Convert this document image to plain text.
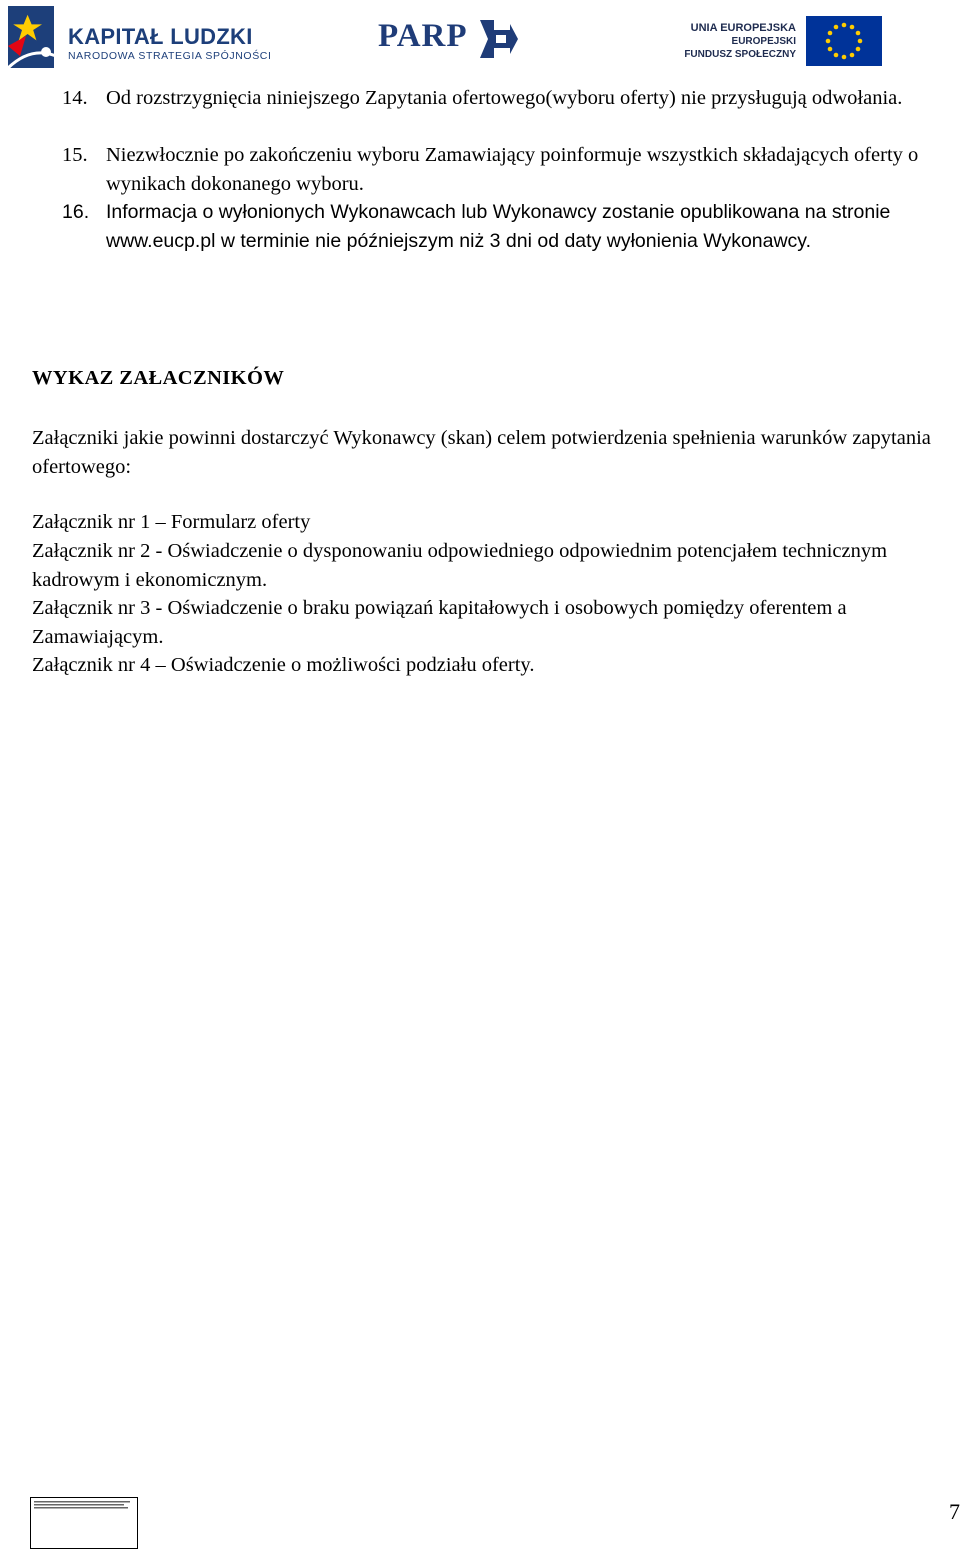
KAPITAŁ LUDZKI
NARODOWA STRATEGIA SPÓJNOŚCI
PARP	UNIA EUROPEJSKA
EUROPEJSKI
FUNDUSZ SPOŁECZNY
14. Od rozstrzygnięcia niniejszego Zapytania ofertowego(wyboru oferty) nie przysługują odwołania.
15. Niezwłocznie po zakończeniu wyboru Zamawiający poinformuje wszystkich składających oferty o wynikach dokonanego wyboru.
16. Informacja o wyłonionych Wykonawcach lub Wykonawcy zostanie opublikowana na stronie www.eucp.pl w terminie nie późniejszym niż 3 dni od daty wyłonienia Wykonawcy.
WYKAZ ZAŁACZNIKÓW
Załączniki jakie powinni dostarczyć Wykonawcy (skan) celem potwierdzenia spełnienia warunków zapytania ofertowego:
Załącznik nr 1 – Formularz oferty
Załącznik nr 2 - Oświadczenie o dysponowaniu odpowiedniego odpowiednim potencjałem technicznym kadrowym i ekonomicznym.
Załącznik nr 3 - Oświadczenie o braku powiązań kapitałowych i osobowych pomiędzy oferentem a Zamawiającym.
Załącznik nr 4 – Oświadczenie o możliwości podziału oferty.
7
